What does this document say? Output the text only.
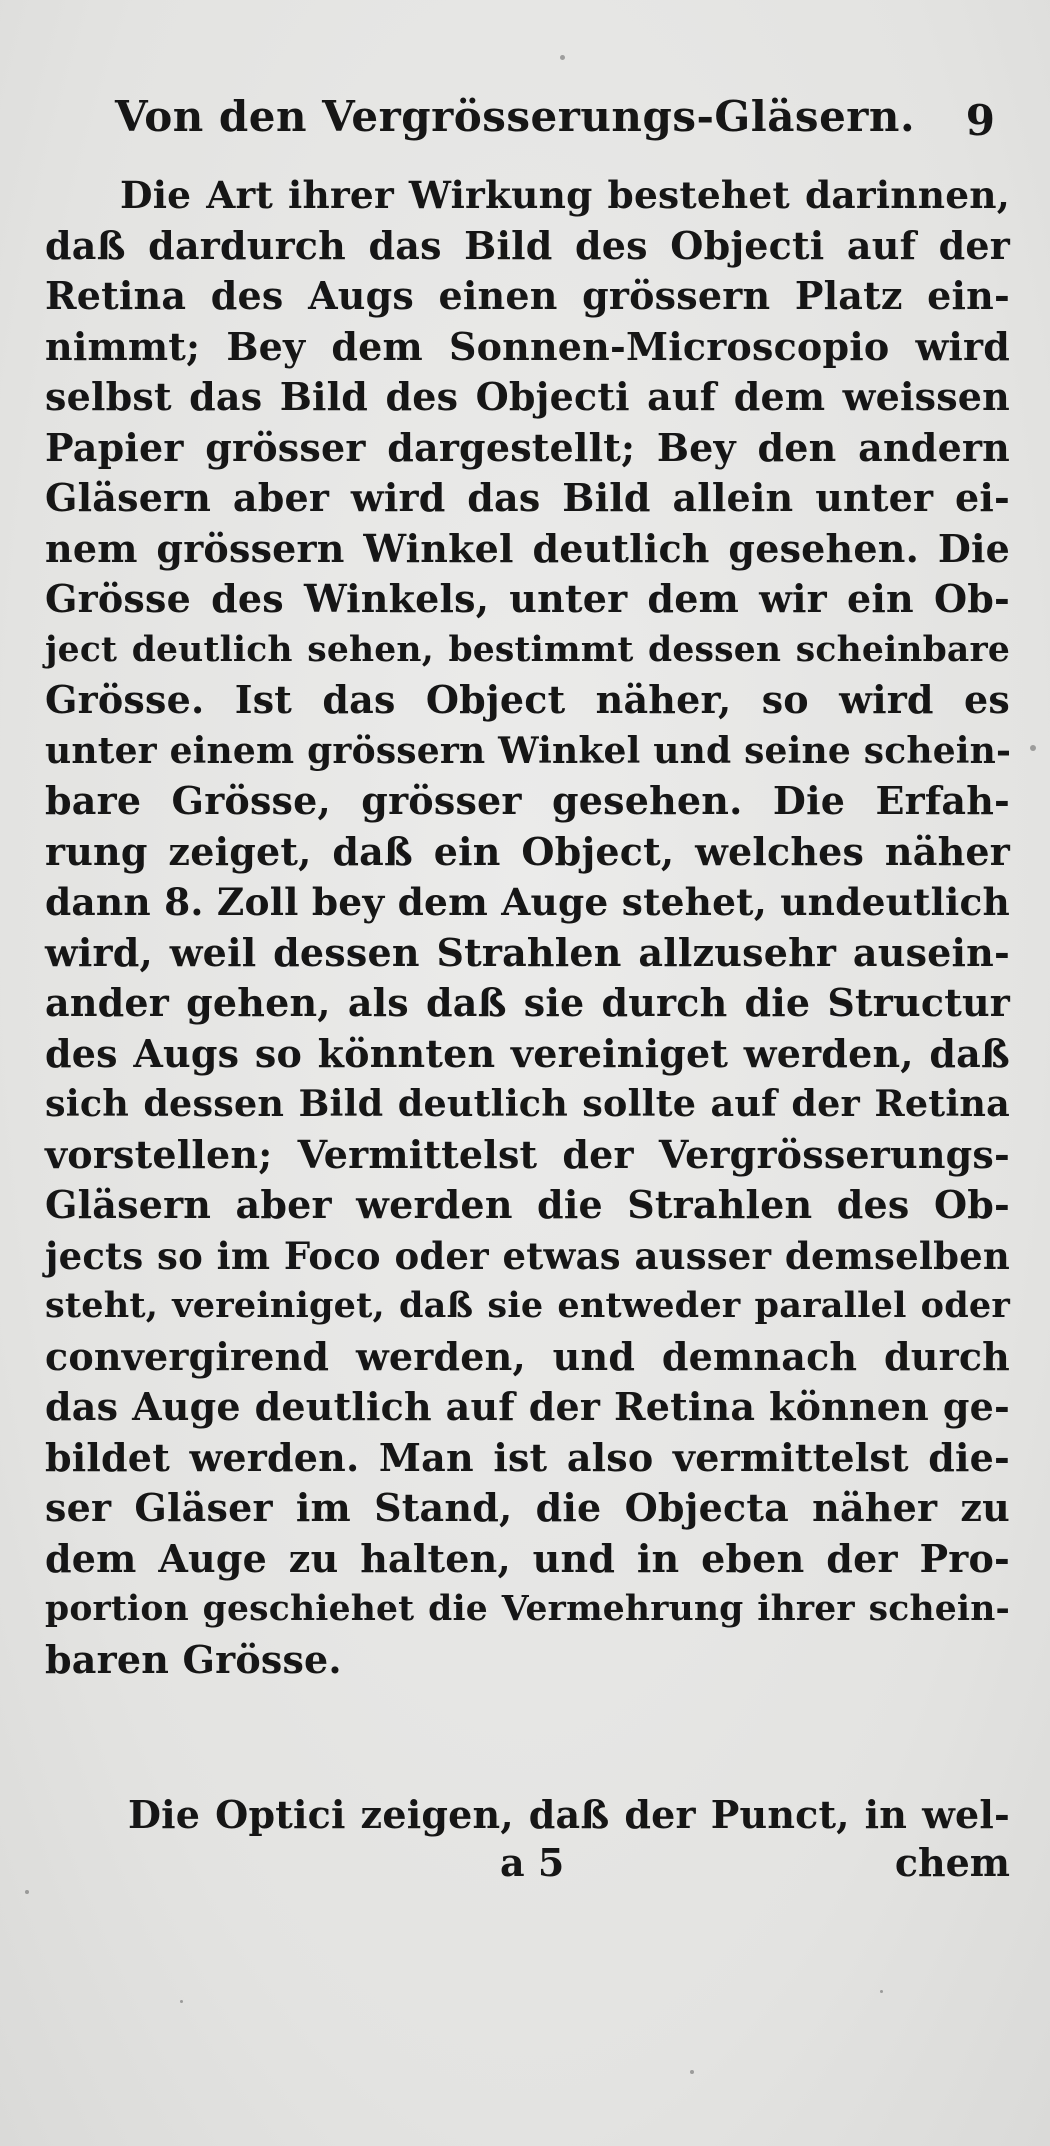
Von den Vergrösserungs-Gläsern. 9
Die Art ihrer Wirkung bestehet darinnen,
daß dardurch das Bild des Objecti auf der
Retina des Augs einen grössern Platz ein-
nimmt; Bey dem Sonnen-Microscopio wird
selbst das Bild des Objecti auf dem weissen
Papier grösser dargestellt; Bey den andern
Gläsern aber wird das Bild allein unter ei-
nem grössern Winkel deutlich gesehen. Die
Grösse des Winkels, unter dem wir ein Ob-
ject deutlich sehen, bestimmt dessen scheinbare
Grösse. Ist das Object näher, so wird es
unter einem grössern Winkel und seine schein-
bare Grösse, grösser gesehen. Die Erfah-
rung zeiget, daß ein Object, welches näher
dann 8. Zoll bey dem Auge stehet, undeutlich
wird, weil dessen Strahlen allzusehr ausein-
ander gehen, als daß sie durch die Structur
des Augs so könnten vereiniget werden, daß
sich dessen Bild deutlich sollte auf der Retina
vorstellen; Vermittelst der Vergrösserungs-
Gläsern aber werden die Strahlen des Ob-
jects so im Foco oder etwas ausser demselben
steht, vereiniget, daß sie entweder parallel oder
convergirend werden, und demnach durch
das Auge deutlich auf der Retina können ge-
bildet werden. Man ist also vermittelst die-
ser Gläser im Stand, die Objecta näher zu
dem Auge zu halten, und in eben der Pro-
portion geschiehet die Vermehrung ihrer schein-
baren Grösse.
Die Optici zeigen, daß der Punct, in wel-
a 5	chem
